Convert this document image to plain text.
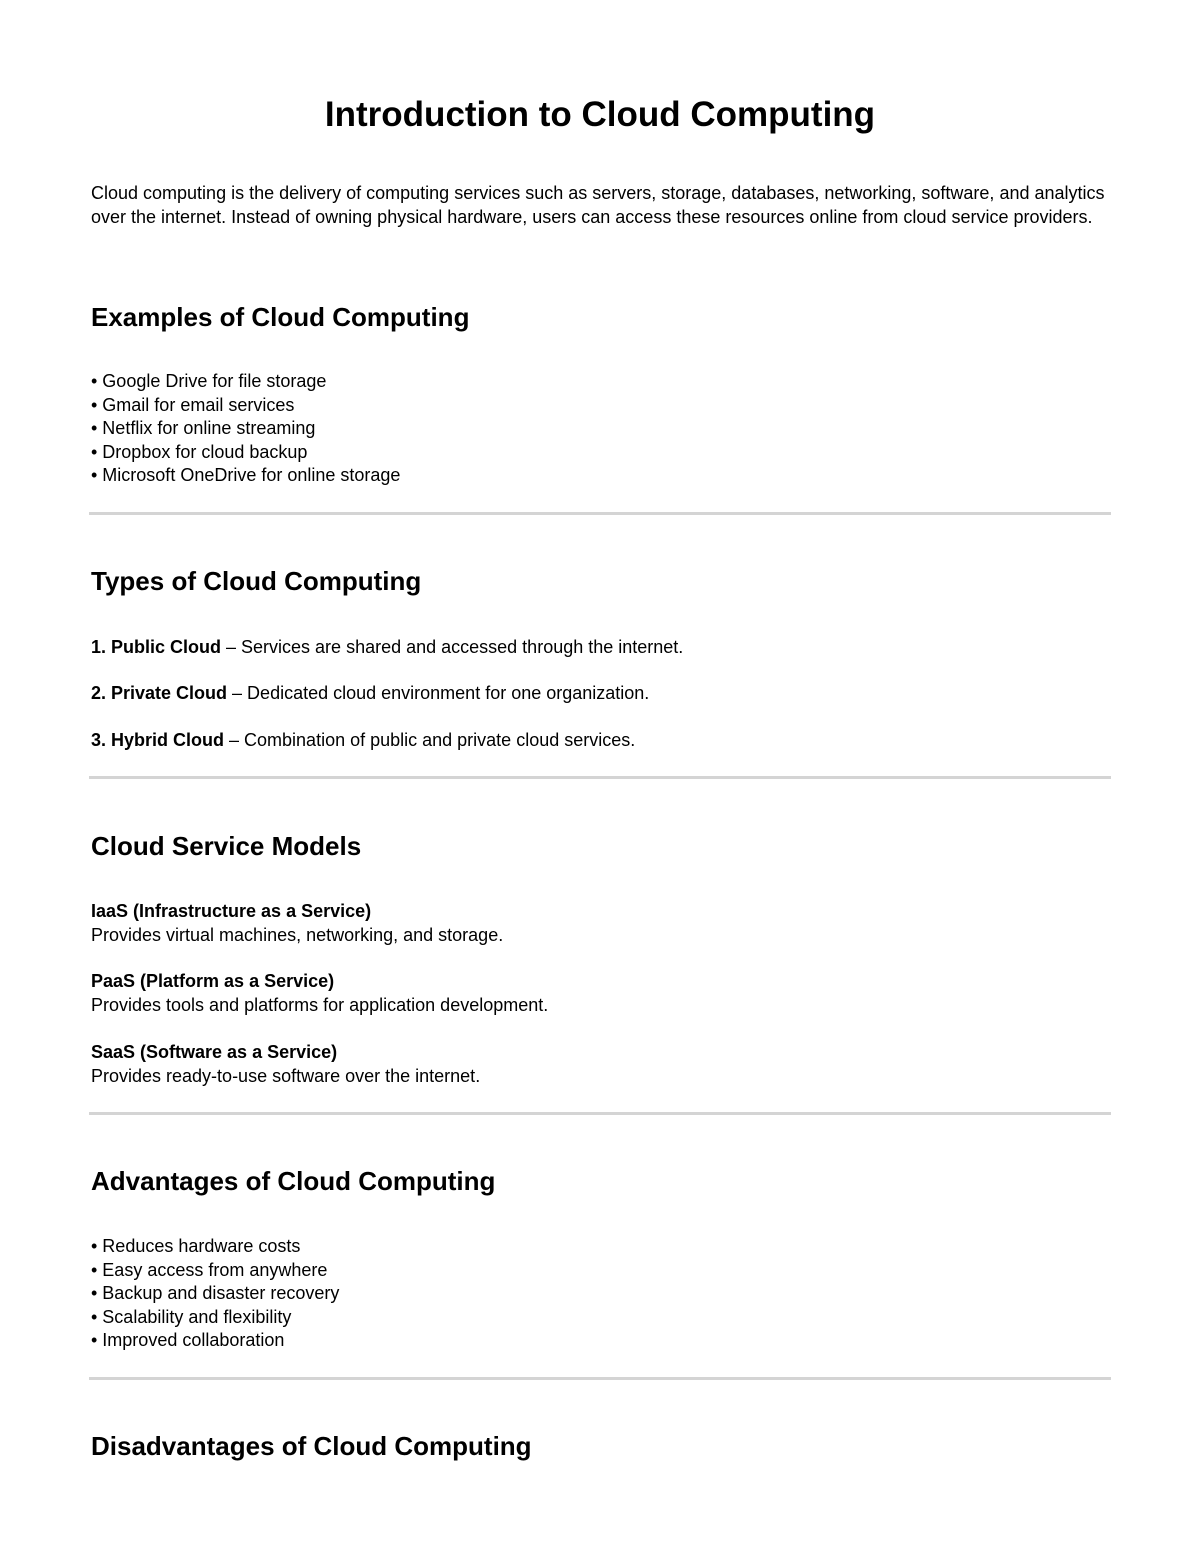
Introduction to Cloud Computing

Cloud computing is the delivery of computing services such as servers, storage, databases, networking, software, and analytics over the internet. Instead of owning physical hardware, users can access these resources online from cloud service providers.

Examples of Cloud Computing
• Google Drive for file storage
• Gmail for email services
• Netflix for online streaming
• Dropbox for cloud backup
• Microsoft OneDrive for online storage
Types of Cloud Computing

1. Public Cloud – Services are shared and accessed through the internet.

2. Private Cloud – Dedicated cloud environment for one organization.

3. Hybrid Cloud – Combination of public and private cloud services.

Cloud Service Models
IaaS (Infrastructure as a Service)
Provides virtual machines, networking, and storage.
PaaS (Platform as a Service)
Provides tools and platforms for application development.
SaaS (Software as a Service)
Provides ready-to-use software over the internet.
Advantages of Cloud Computing
• Reduces hardware costs
• Easy access from anywhere
• Backup and disaster recovery
• Scalability and flexibility
• Improved collaboration
Disadvantages of Cloud Computing
